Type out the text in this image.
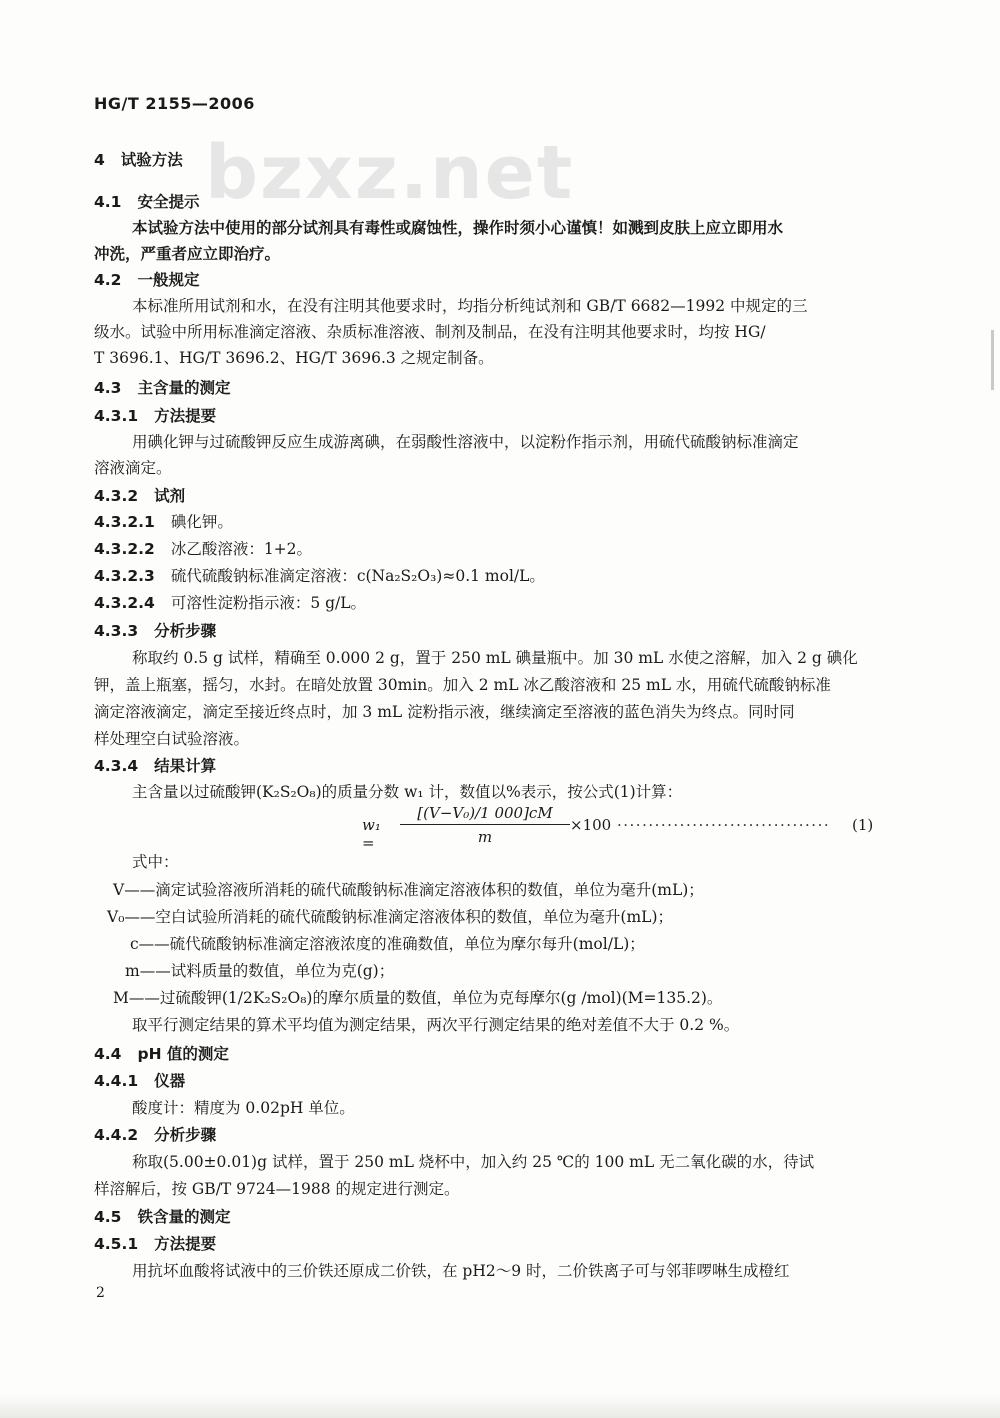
HG/T 2155—2006
bzxz.net
4 试验方法
4.1 安全提示
本试验方法中使用的部分试剂具有毒性或腐蚀性，操作时须小心谨慎！如溅到皮肤上应立即用水
冲洗，严重者应立即治疗。
4.2 一般规定
本标准所用试剂和水，在没有注明其他要求时，均指分析纯试剂和 GB/T 6682—1992 中规定的三
级水。试验中所用标准滴定溶液、杂质标准溶液、制剂及制品，在没有注明其他要求时，均按 HG/
T 3696.1、HG/T 3696.2、HG/T 3696.3 之规定制备。
4.3 主含量的测定
4.3.1 方法提要
用碘化钾与过硫酸钾反应生成游离碘，在弱酸性溶液中，以淀粉作指示剂，用硫代硫酸钠标准滴定
溶液滴定。
4.3.2 试剂
4.3.2.1 碘化钾。
4.3.2.2 冰乙酸溶液：1+2。
4.3.2.3 硫代硫酸钠标准滴定溶液：c(Na₂S₂O₃)≈0.1 mol/L。
4.3.2.4 可溶性淀粉指示液：5 g/L。
4.3.3 分析步骤
称取约 0.5 g 试样，精确至 0.000 2 g，置于 250 mL 碘量瓶中。加 30 mL 水使之溶解，加入 2 g 碘化
钾，盖上瓶塞，摇匀，水封。在暗处放置 30min。加入 2 mL 冰乙酸溶液和 25 mL 水，用硫代硫酸钠标准
滴定溶液滴定，滴定至接近终点时，加 3 mL 淀粉指示液，继续滴定至溶液的蓝色消失为终点。同时同
样处理空白试验溶液。
4.3.4 结果计算
主含量以过硫酸钾(K₂S₂O₈)的质量分数 w₁ 计，数值以%表示，按公式(1)计算：
式中：
V——滴定试验溶液所消耗的硫代硫酸钠标准滴定溶液体积的数值，单位为毫升(mL)；
V₀——空白试验所消耗的硫代硫酸钠标准滴定溶液体积的数值，单位为毫升(mL)；
c——硫代硫酸钠标准滴定溶液浓度的准确数值，单位为摩尔每升(mol/L)；
m——试料质量的数值，单位为克(g)；
M——过硫酸钾(1/2K₂S₂O₈)的摩尔质量的数值，单位为克每摩尔(g /mol)(M=135.2)。
取平行测定结果的算术平均值为测定结果，两次平行测定结果的绝对差值不大于 0.2 %。
4.4 pH 值的测定
4.4.1 仪器
酸度计：精度为 0.02pH 单位。
4.4.2 分析步骤
称取(5.00±0.01)g 试样，置于 250 mL 烧杯中，加入约 25 ℃的 100 mL 无二氧化碳的水，待试
样溶解后，按 GB/T 9724—1988 的规定进行测定。
4.5 铁含量的测定
4.5.1 方法提要
用抗坏血酸将试液中的三价铁还原成二价铁，在 pH2～9 时，二价铁离子可与邻菲啰啉生成橙红
w₁ =	$\frac{\text{[(V−V₀)/1 000]cM}}{m} \times 100$ ·································· (1)
2
